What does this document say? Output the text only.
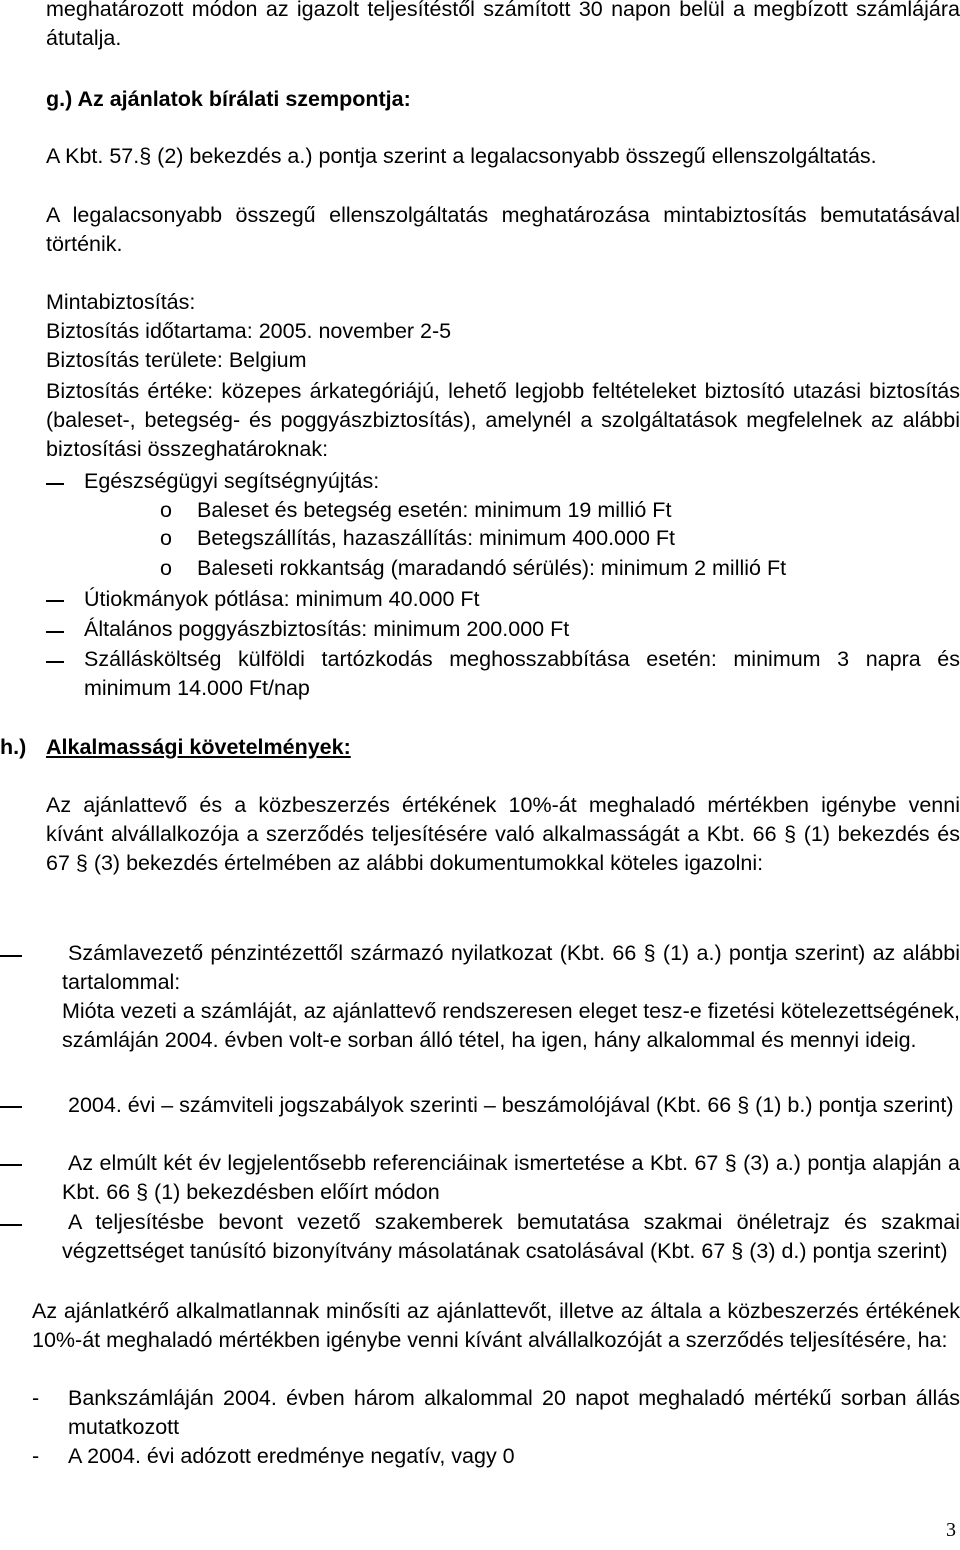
meghatározott módon az igazolt teljesítéstől számított 30 napon belül a megbízott számlájára átutalja.

g.) Az ajánlatok bírálati szempontja:

A Kbt. 57.§ (2) bekezdés a.) pontja szerint a legalacsonyabb összegű ellenszolgáltatás.

A legalacsonyabb összegű ellenszolgáltatás meghatározása mintabiztosítás bemutatásával történik.

Mintabiztosítás:

Biztosítás időtartama: 2005. november 2-5

Biztosítás területe: Belgium

Biztosítás értéke: közepes árkategóriájú, lehető legjobb feltételeket biztosító utazási biztosítás (baleset-, betegség- és poggyászbiztosítás), amelynél a szolgáltatások megfelelnek az alábbi biztosítási összeghatároknak:

Egészségügyi segítségnyújtás:

o Baleset és betegség esetén: minimum 19 millió Ft

o Betegszállítás, hazaszállítás: minimum 400.000 Ft

o Baleseti rokkantság (maradandó sérülés): minimum 2 millió Ft

Útiokmányok pótlása: minimum 40.000 Ft

Általános poggyászbiztosítás: minimum 200.000 Ft

Szállásköltség külföldi tartózkodás meghosszabbítása esetén: minimum 3 napra és minimum 14.000 Ft/nap

h.) Alkalmassági követelmények:

Az ajánlattevő és a közbeszerzés értékének 10%-át meghaladó mértékben igénybe venni kívánt alvállalkozója a szerződés teljesítésére való alkalmasságát a Kbt. 66 § (1) bekezdés és 67 § (3) bekezdés értelmében az alábbi dokumentumokkal köteles igazolni:

Számlavezető pénzintézettől származó nyilatkozat (Kbt. 66 § (1) a.) pontja szerint) az alábbi tartalommal:

Mióta vezeti a számláját, az ajánlattevő rendszeresen eleget tesz-e fizetési kötelezettségének, számláján 2004. évben volt-e sorban álló tétel, ha igen, hány alkalommal és mennyi ideig.

2004. évi – számviteli jogszabályok szerinti – beszámolójával (Kbt. 66 § (1) b.) pontja szerint)

Az elmúlt két év legjelentősebb referenciáinak ismertetése a Kbt. 67 § (3) a.) pontja alapján a Kbt. 66 § (1) bekezdésben előírt módon

A teljesítésbe bevont vezető szakemberek bemutatása szakmai önéletrajz és szakmai végzettséget tanúsító bizonyítvány másolatának csatolásával (Kbt. 67 § (3) d.) pontja szerint)

Az ajánlatkérő alkalmatlannak minősíti az ajánlattevőt, illetve az általa a közbeszerzés értékének 10%-át meghaladó mértékben igénybe venni kívánt alvállalkozóját a szerződés teljesítésére, ha:

- Bankszámláján 2004. évben három alkalommal 20 napot meghaladó mértékű sorban állás mutatkozott

- A 2004. évi adózott eredménye negatív, vagy 0

3
